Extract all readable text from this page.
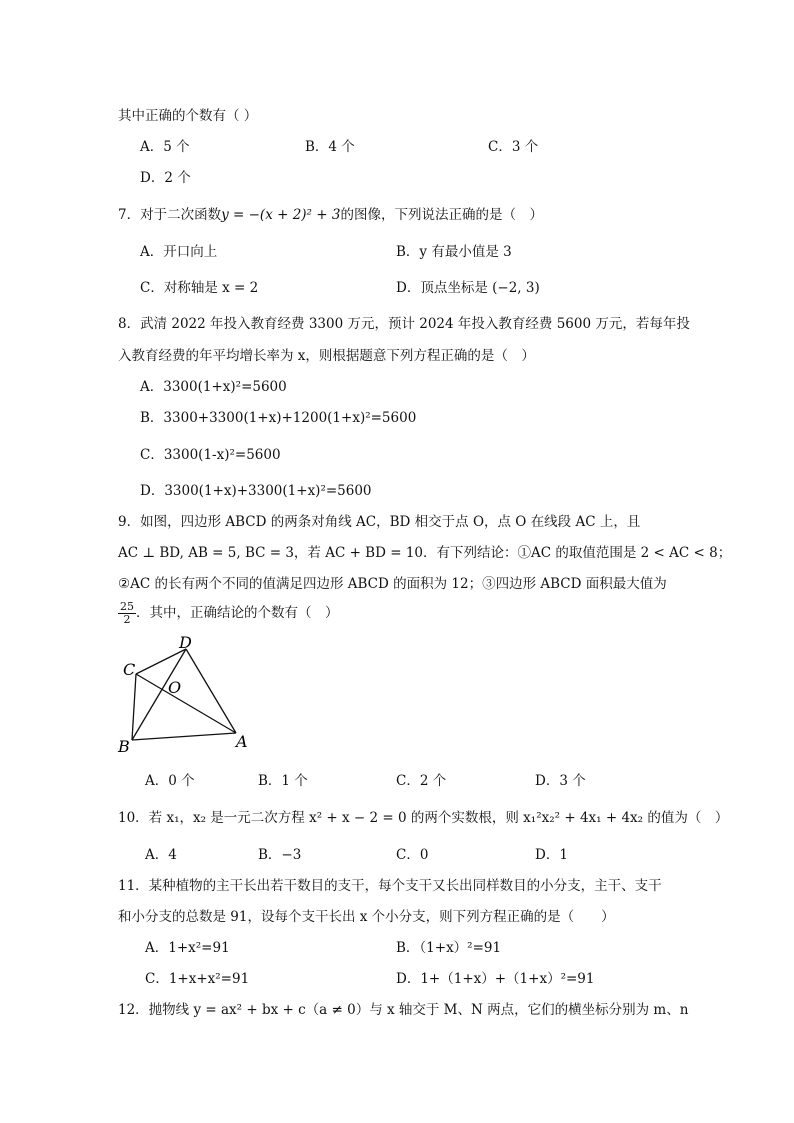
其中正确的个数有（ ）
A．5 个	B．4 个	C．3 个
D．2 个
7．对于二次函数y = −(x + 2)² + 3的图像，下列说法正确的是（　）
A．开口向上	B．y 有最小值是 3
C．对称轴是 x = 2	D．顶点坐标是 (−2, 3)
8．武清 2022 年投入教育经费 3300 万元，预计 2024 年投入教育经费 5600 万元，若每年投
入教育经费的年平均增长率为 x，则根据题意下列方程正确的是（　）
A．3300(1+x)²=5600
B．3300+3300(1+x)+1200(1+x)²=5600
C．3300(1-x)²=5600
D．3300(1+x)+3300(1+x)²=5600
9．如图，四边形 ABCD 的两条对角线 AC，BD 相交于点 O，点 O 在线段 AC 上，且
AC ⊥ BD, AB = 5, BC = 3，若 AC + BD = 10．有下列结论：①AC 的取值范围是 2 < AC < 8；
②AC 的长有两个不同的值满足四边形 ABCD 的面积为 12；③四边形 ABCD 面积最大值为
$\frac{25}{2}$ ．其中，正确结论的个数有（　）
C
D
O
B	A
A．0 个	B．1 个	C．2 个	D．3 个
10．若 x₁，x₂ 是一元二次方程 x² + x − 2 = 0 的两个实数根，则 x₁²x₂² + 4x₁ + 4x₂ 的值为（　）
A．4	B．−3	C．0	D．1
11．某种植物的主干长出若干数目的支干，每个支干又长出同样数目的小分支，主干、支干
和小分支的总数是 91，设每个支干长出 x 个小分支，则下列方程正确的是（　　）
A．1+x²=91	B．（1+x）²=91
C．1+x+x²=91	D．1+（1+x）+（1+x）²=91
12．抛物线 y = ax² + bx + c（a ≠ 0）与 x 轴交于 M、N 两点，它们的横坐标分别为 m、n
